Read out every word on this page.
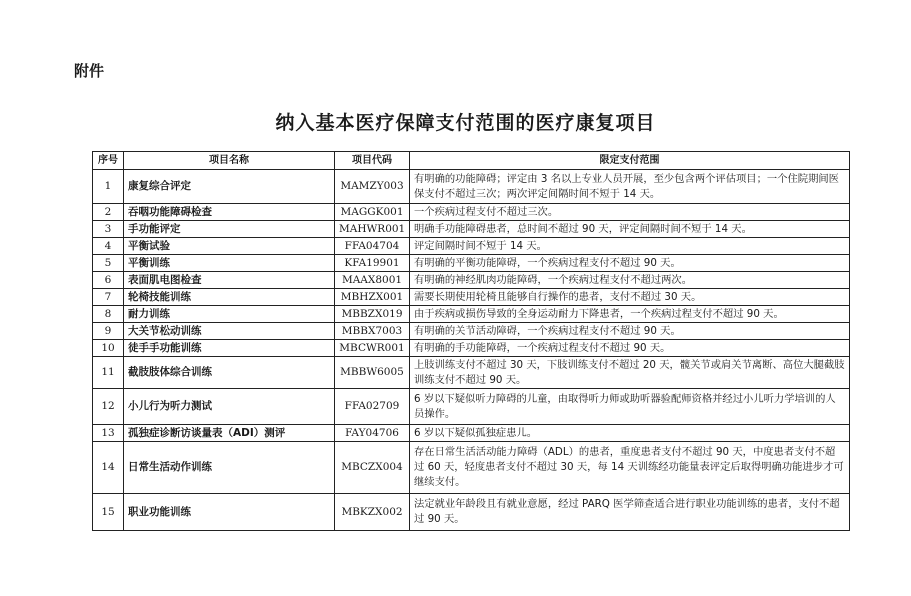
附件
纳入基本医疗保障支付范围的医疗康复项目
序号	项目名称	项目代码	限定支付范围
1	康复综合评定	MAMZY003	有明确的功能障碍；评定由 3 名以上专业人员开展，至少包含两个评估项目；一个住院期间医保支付不超过三次；两次评定间隔时间不短于 14 天。
2	吞咽功能障碍检查	MAGGK001	一个疾病过程支付不超过三次。
3	手功能评定	MAHWR001	明确手功能障碍患者，总时间不超过 90 天，评定间隔时间不短于 14 天。
4	平衡试验	FFA04704	评定间隔时间不短于 14 天。
5	平衡训练	KFA19901	有明确的平衡功能障碍，一个疾病过程支付不超过 90 天。
6	表面肌电图检查	MAAX8001	有明确的神经肌肉功能障碍，一个疾病过程支付不超过两次。
7	轮椅技能训练	MBHZX001	需要长期使用轮椅且能够自行操作的患者，支付不超过 30 天。
8	耐力训练	MBBZX019	由于疾病或损伤导致的全身运动耐力下降患者，一个疾病过程支付不超过 90 天。
9	大关节松动训练	MBBX7003	有明确的关节活动障碍，一个疾病过程支付不超过 90 天。
10	徒手手功能训练	MBCWR001	有明确的手功能障碍，一个疾病过程支付不超过 90 天。
11	截肢肢体综合训练	MBBW6005	上肢训练支付不超过 30 天，下肢训练支付不超过 20 天，髋关节或肩关节离断、高位大腿截肢训练支付不超过 90 天。
12	小儿行为听力测试	FFA02709	6 岁以下疑似听力障碍的儿童，由取得听力师或助听器验配师资格并经过小儿听力学培训的人员操作。
13	孤独症诊断访谈量表（ADI）测评	FAY04706	6 岁以下疑似孤独症患儿。
14	日常生活动作训练	MBCZX004	存在日常生活活动能力障碍（ADL）的患者，重度患者支付不超过 90 天，中度患者支付不超过 60 天，轻度患者支付不超过 30 天，每 14 天训练经功能量表评定后取得明确功能进步才可继续支付。
15	职业功能训练	MBKZX002	法定就业年龄段且有就业意愿，经过 PARQ 医学筛查适合进行职业功能训练的患者，支付不超过 90 天。
